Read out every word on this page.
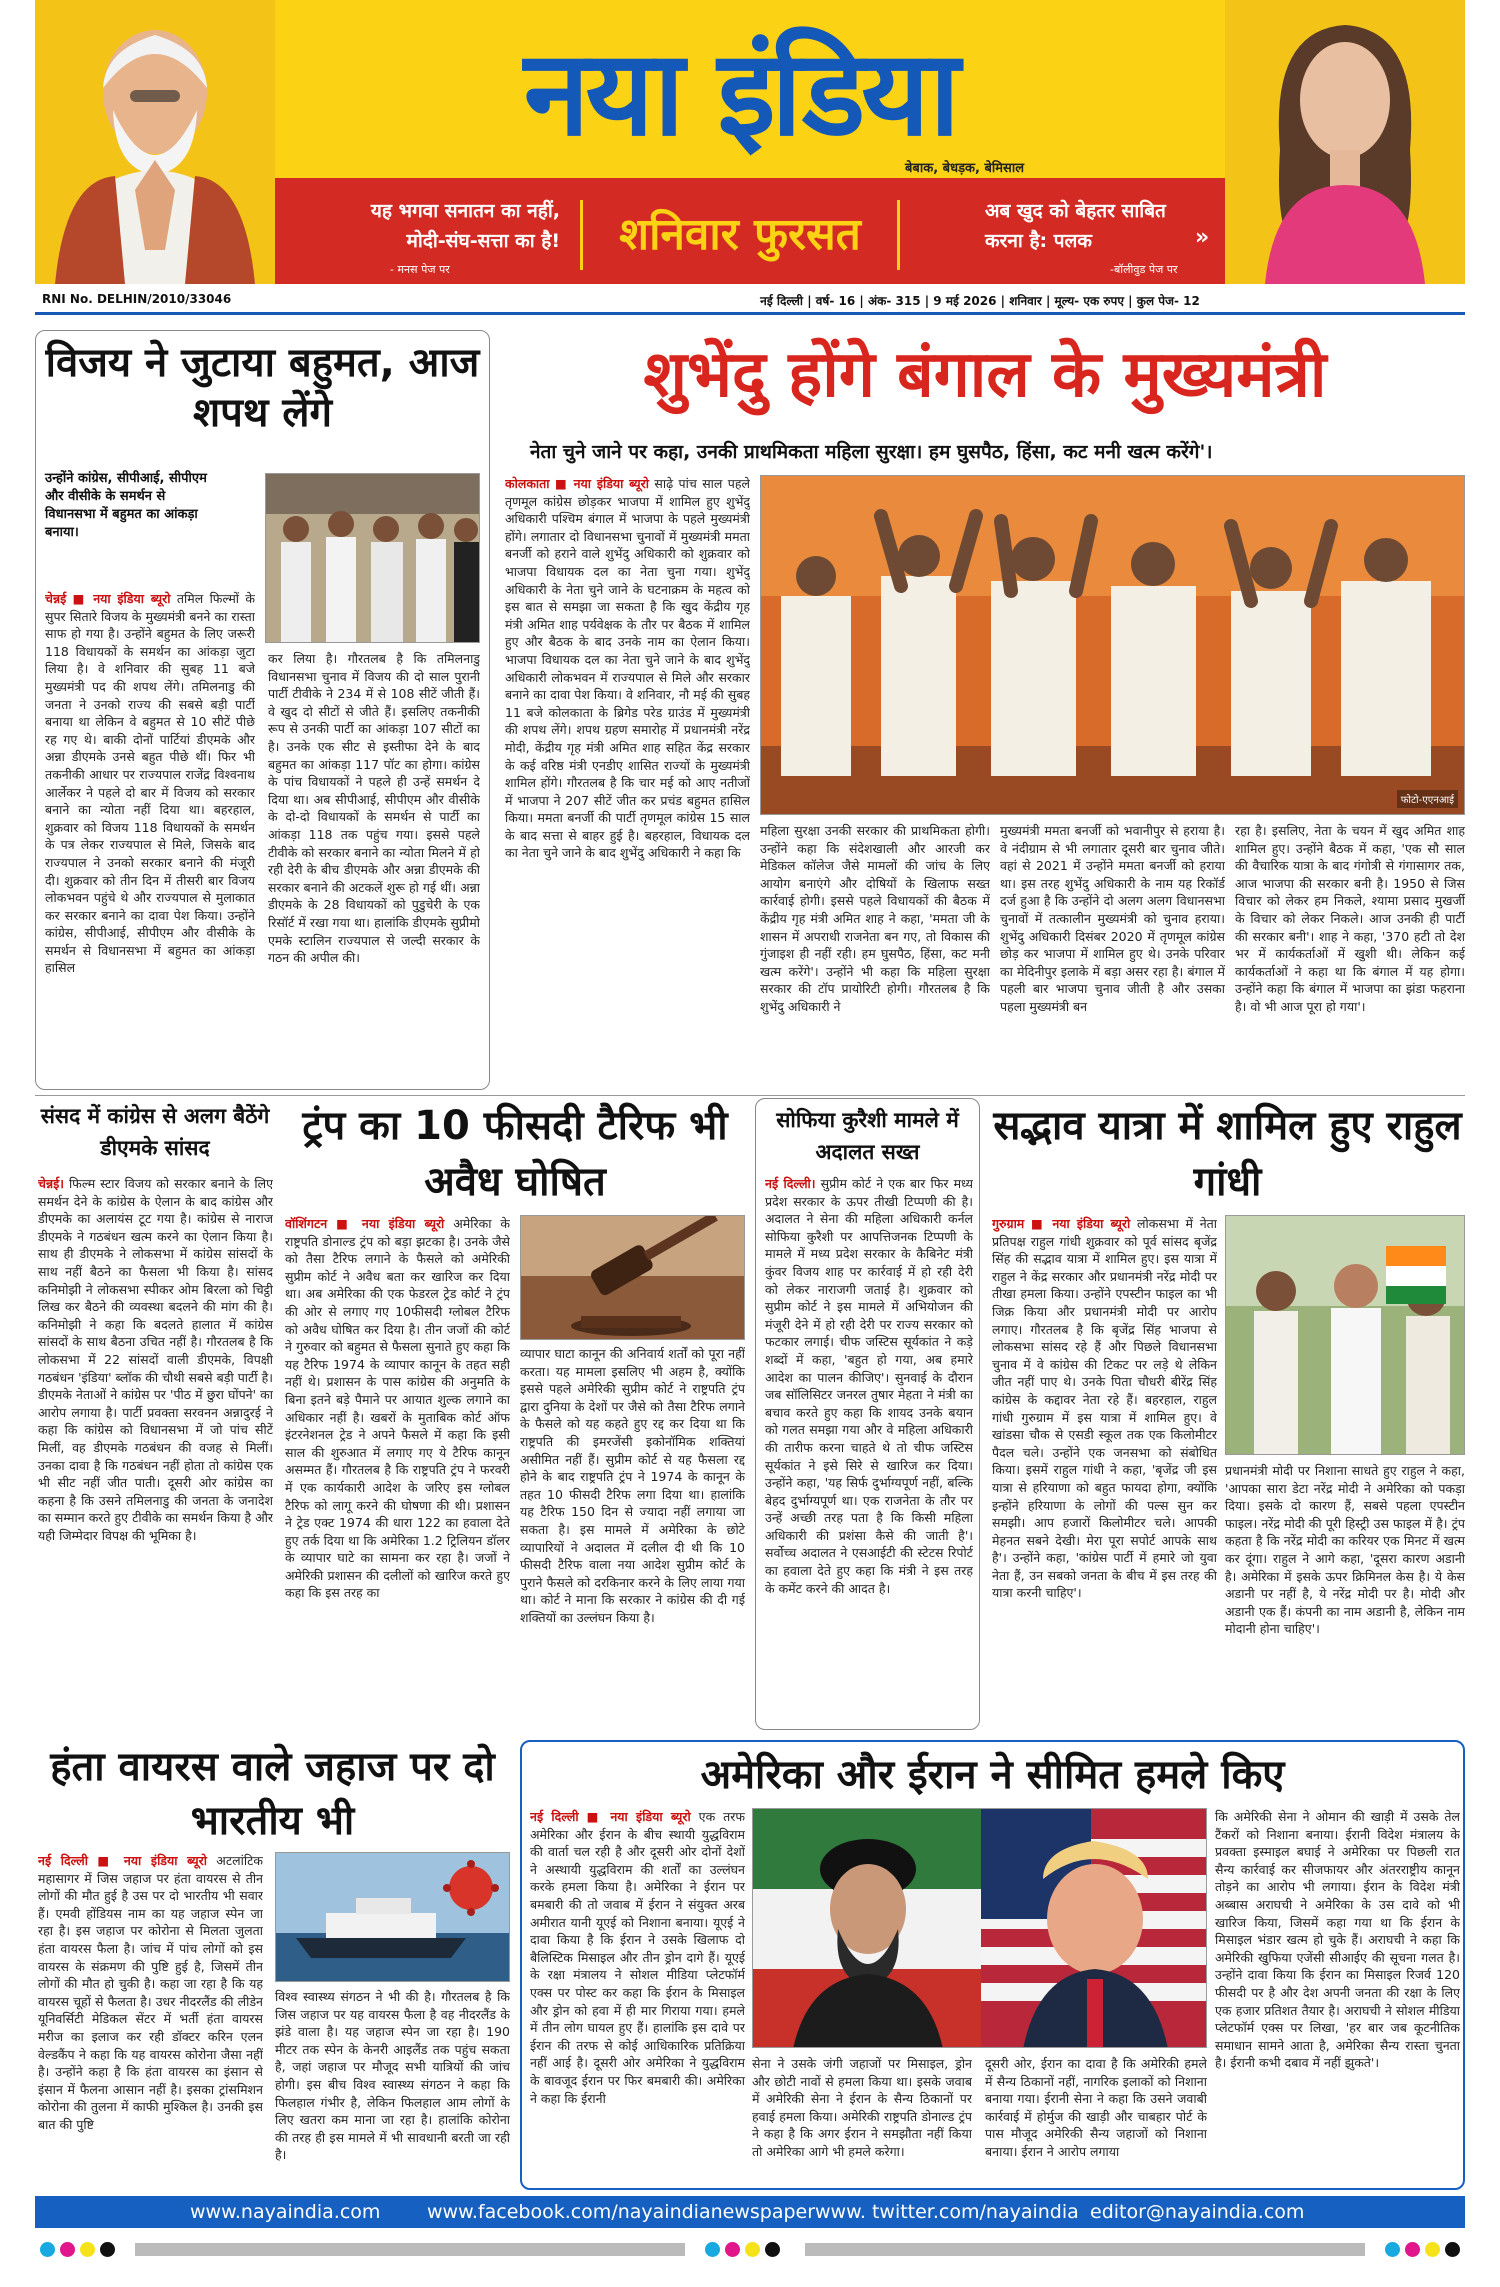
नया इंडिया
बेबाक, बेधड़क, बेमिसाल
यह भगवा सनातन का नहीं, मोदी-संघ-सत्ता का है!
- मनस पेज पर
शनिवार फुरसत	अब खुद को बेहतर साबित करना है: पलक	»
-बॉलीवुड पेज पर
RNI No. DELHIN/2010/33046	नई दिल्ली | वर्ष- 16 | अंक- 315 | 9 मई 2026 | शनिवार | मूल्य- एक रुपए | कुल पेज- 12
विजय ने जुटाया बहुमत, आज शपथ लेंगे
उन्होंने कांग्रेस, सीपीआई, सीपीएम और वीसीके के समर्थन से विधानसभा में बहुमत का आंकड़ा बनाया।
चेन्नई ■ नया इंडिया ब्यूरो तमिल फिल्मों के सुपर सितारे विजय के मुख्यमंत्री बनने का रास्ता साफ हो गया है। उन्होंने बहुमत के लिए जरूरी 118 विधायकों के समर्थन का आंकड़ा जुटा लिया है। वे शनिवार की सुबह 11 बजे मुख्यमंत्री पद की शपथ लेंगे। तमिलनाडु की जनता ने उनको राज्य की सबसे बड़ी पार्टी बनाया था लेकिन वे बहुमत से 10 सीटें पीछे रह गए थे। बाकी दोनों पार्टियां डीएमके और अन्ना डीएमके उनसे बहुत पीछे थीं। फिर भी तकनीकी आधार पर राज्यपाल राजेंद्र विश्वनाथ आर्लेकर ने पहले दो बार में विजय को सरकार बनाने का न्योता नहीं दिया था। बहरहाल, शुक्रवार को विजय 118 विधायकों के समर्थन के पत्र लेकर राज्यपाल से मिले, जिसके बाद राज्यपाल ने उनको सरकार बनाने की मंजूरी दी। शुक्रवार को तीन दिन में तीसरी बार विजय लोकभवन पहुंचे थे और राज्यपाल से मुलाकात कर सरकार बनाने का दावा पेश किया। उन्होंने कांग्रेस, सीपीआई, सीपीएम और वीसीके के समर्थन से विधानसभा में बहुमत का आंकड़ा हासिल
कर लिया है। गौरतलब है कि तमिलनाडु विधानसभा चुनाव में विजय की दो साल पुरानी पार्टी टीवीके ने 234 में से 108 सीटें जीती हैं। वे खुद दो सीटों से जीते हैं। इसलिए तकनीकी रूप से उनकी पार्टी का आंकड़ा 107 सीटों का है। उनके एक सीट से इस्तीफा देने के बाद बहुमत का आंकड़ा 117 पॉट का होगा। कांग्रेस के पांच विधायकों ने पहले ही उन्हें समर्थन दे दिया था। अब सीपीआई, सीपीएम और वीसीके के दो-दो विधायकों के समर्थन से पार्टी का आंकड़ा 118 तक पहुंच गया। इससे पहले टीवीके को सरकार बनाने का न्योता मिलने में हो रही देरी के बीच डीएमके और अन्ना डीएमके की सरकार बनाने की अटकलें शुरू हो गई थीं। अन्ना डीएमके के 28 विधायकों को पुडुचेरी के एक रिसॉर्ट में रखा गया था। हालांकि डीएमके सुप्रीमो एमके स्टालिन राज्यपाल से जल्दी सरकार के गठन की अपील की।
शुभेंदु होंगे बंगाल के मुख्यमंत्री
नेता चुने जाने पर कहा, उनकी प्राथमिकता महिला सुरक्षा। हम घुसपैठ, हिंसा, कट मनी खत्म करेंगे'।
कोलकाता ■ नया इंडिया ब्यूरो साढ़े पांच साल पहले तृणमूल कांग्रेस छोड़कर भाजपा में शामिल हुए शुभेंदु अधिकारी पश्चिम बंगाल में भाजपा के पहले मुख्यमंत्री होंगे। लगातार दो विधानसभा चुनावों में मुख्यमंत्री ममता बनर्जी को हराने वाले शुभेंदु अधिकारी को शुक्रवार को भाजपा विधायक दल का नेता चुना गया। शुभेंदु अधिकारी के नेता चुने जाने के घटनाक्रम के महत्व को इस बात से समझा जा सकता है कि खुद केंद्रीय गृह मंत्री अमित शाह पर्यवेक्षक के तौर पर बैठक में शामिल हुए और बैठक के बाद उनके नाम का ऐलान किया। भाजपा विधायक दल का नेता चुने जाने के बाद शुभेंदु अधिकारी लोकभवन में राज्यपाल से मिले और सरकार बनाने का दावा पेश किया। वे शनिवार, नौ मई की सुबह 11 बजे कोलकाता के ब्रिगेड परेड ग्राउंड में मुख्यमंत्री की शपथ लेंगे। शपथ ग्रहण समारोह में प्रधानमंत्री नरेंद्र मोदी, केंद्रीय गृह मंत्री अमित शाह सहित केंद्र सरकार के कई वरिष्ठ मंत्री एनडीए शासित राज्यों के मुख्यमंत्री शामिल होंगे। गौरतलब है कि चार मई को आए नतीजों में भाजपा ने 207 सीटें जीत कर प्रचंड बहुमत हासिल किया। ममता बनर्जी की पार्टी तृणमूल कांग्रेस 15 साल के बाद सत्ता से बाहर हुई है। बहरहाल, विधायक दल का नेता चुने जाने के बाद शुभेंदु अधिकारी ने कहा कि
फोटो-एएनआई
महिला सुरक्षा उनकी सरकार की प्राथमिकता होगी। उन्होंने कहा कि संदेशखाली और आरजी कर मेडिकल कॉलेज जैसे मामलों की जांच के लिए आयोग बनाएंगे और दोषियों के खिलाफ सख्त कार्रवाई होगी। इससे पहले विधायकों की बैठक में केंद्रीय गृह मंत्री अमित शाह ने कहा, 'ममता जी के शासन में अपराधी राजनेता बन गए, तो विकास की गुंजाइश ही नहीं रही। हम घुसपैठ, हिंसा, कट मनी खत्म करेंगे'। उन्होंने भी कहा कि महिला सुरक्षा सरकार की टॉप प्रायोरिटी होगी। गौरतलब है कि शुभेंदु अधिकारी ने
मुख्यमंत्री ममता बनर्जी को भवानीपुर से हराया है। वे नंदीग्राम से भी लगातार दूसरी बार चुनाव जीते। वहां से 2021 में उन्होंने ममता बनर्जी को हराया था। इस तरह शुभेंदु अधिकारी के नाम यह रिकॉर्ड दर्ज हुआ है कि उन्होंने दो अलग अलग विधानसभा चुनावों में तत्कालीन मुख्यमंत्री को चुनाव हराया। शुभेंदु अधिकारी दिसंबर 2020 में तृणमूल कांग्रेस छोड़ कर भाजपा में शामिल हुए थे। उनके परिवार का मेदिनीपुर इलाके में बड़ा असर रहा है। बंगाल में पहली बार भाजपा चुनाव जीती है और उसका पहला मुख्यमंत्री बन
रहा है। इसलिए, नेता के चयन में खुद अमित शाह शामिल हुए। उन्होंने बैठक में कहा, 'एक सौ साल की वैचारिक यात्रा के बाद गंगोत्री से गंगासागर तक, आज भाजपा की सरकार बनी है। 1950 से जिस विचार को लेकर हम निकले, श्यामा प्रसाद मुखर्जी के विचार को लेकर निकले। आज उनकी ही पार्टी की सरकार बनी'। शाह ने कहा, '370 हटी तो देश भर में कार्यकर्ताओं में खुशी थी। लेकिन कई कार्यकर्ताओं ने कहा था कि बंगाल में यह होगा। उन्होंने कहा कि बंगाल में भाजपा का झंडा फहराना है। वो भी आज पूरा हो गया'।
संसद में कांग्रेस से अलग बैठेंगे डीएमके सांसद
चेन्नई। फिल्म स्टार विजय को सरकार बनाने के लिए समर्थन देने के कांग्रेस के ऐलान के बाद कांग्रेस और डीएमके का अलायंस टूट गया है। कांग्रेस से नाराज डीएमके ने गठबंधन खत्म करने का ऐलान किया है। साथ ही डीएमके ने लोकसभा में कांग्रेस सांसदों के साथ नहीं बैठने का फैसला भी किया है। सांसद कनिमोझी ने लोकसभा स्पीकर ओम बिरला को चिट्ठी लिख कर बैठने की व्यवस्था बदलने की मांग की है। कनिमोझी ने कहा कि बदलते हालात में कांग्रेस सांसदों के साथ बैठना उचित नहीं है। गौरतलब है कि लोकसभा में 22 सांसदों वाली डीएमके, विपक्षी गठबंधन 'इंडिया' ब्लॉक की चौथी सबसे बड़ी पार्टी है। डीएमके नेताओं ने कांग्रेस पर 'पीठ में छुरा घोंपने' का आरोप लगाया है। पार्टी प्रवक्ता सरवनन अन्नादुरई ने कहा कि कांग्रेस को विधानसभा में जो पांच सीटें मिलीं, वह डीएमके गठबंधन की वजह से मिलीं। उनका दावा है कि गठबंधन नहीं होता तो कांग्रेस एक भी सीट नहीं जीत पाती। दूसरी ओर कांग्रेस का कहना है कि उसने तमिलनाडु की जनता के जनादेश का सम्मान करते हुए टीवीके का समर्थन किया है और यही जिम्मेदार विपक्ष की भूमिका है।
ट्रंप का 10 फीसदी टैरिफ भी अवैध घोषित
वॉशिंगटन ■ नया इंडिया ब्यूरो अमेरिका के राष्ट्रपति डोनाल्ड ट्रंप को बड़ा झटका है। उनके जैसे को तैसा टैरिफ लगाने के फैसले को अमेरिकी सुप्रीम कोर्ट ने अवैध बता कर खारिज कर दिया था। अब अमेरिका की एक फेडरल ट्रेड कोर्ट ने ट्रंप की ओर से लगाए गए 10फीसदी ग्लोबल टैरिफ को अवैध घोषित कर दिया है। तीन जजों की कोर्ट ने गुरुवार को बहुमत से फैसला सुनाते हुए कहा कि यह टैरिफ 1974 के व्यापार कानून के तहत सही नहीं थे। प्रशासन के पास कांग्रेस की अनुमति के बिना इतने बड़े पैमाने पर आयात शुल्क लगाने का अधिकार नहीं है। खबरों के मुताबिक कोर्ट ऑफ इंटरनेशनल ट्रेड ने अपने फैसले में कहा कि इसी साल की शुरुआत में लगाए गए ये टैरिफ कानून असम्मत हैं। गौरतलब है कि राष्ट्रपति ट्रंप ने फरवरी में एक कार्यकारी आदेश के जरिए इस ग्लोबल टैरिफ को लागू करने की घोषणा की थी। प्रशासन ने ट्रेड एक्ट 1974 की धारा 122 का हवाला देते हुए तर्क दिया था कि अमेरिका 1.2 ट्रिलियन डॉलर के व्यापार घाटे का सामना कर रहा है। जजों ने अमेरिकी प्रशासन की दलीलों को खारिज करते हुए कहा कि इस तरह का
व्यापार घाटा कानून की अनिवार्य शर्तों को पूरा नहीं करता। यह मामला इसलिए भी अहम है, क्योंकि इससे पहले अमेरिकी सुप्रीम कोर्ट ने राष्ट्रपति ट्रंप द्वारा दुनिया के देशों पर जैसे को तैसा टैरिफ लगाने के फैसले को यह कहते हुए रद्द कर दिया था कि राष्ट्रपति की इमरजेंसी इकोनॉमिक शक्तियां असीमित नहीं हैं। सुप्रीम कोर्ट से यह फैसला रद्द होने के बाद राष्ट्रपति ट्रंप ने 1974 के कानून के तहत 10 फीसदी टैरिफ लगा दिया था। हालांकि यह टैरिफ 150 दिन से ज्यादा नहीं लगाया जा सकता है। इस मामले में अमेरिका के छोटे व्यापारियों ने अदालत में दलील दी थी कि 10 फीसदी टैरिफ वाला नया आदेश सुप्रीम कोर्ट के पुराने फैसले को दरकिनार करने के लिए लाया गया था। कोर्ट ने माना कि सरकार ने कांग्रेस की दी गई शक्तियों का उल्लंघन किया है।
सोफिया कुरैशी मामले में अदालत सख्त
नई दिल्ली। सुप्रीम कोर्ट ने एक बार फिर मध्य प्रदेश सरकार के ऊपर तीखी टिप्पणी की है। अदालत ने सेना की महिला अधिकारी कर्नल सोफिया कुरैशी पर आपत्तिजनक टिप्पणी के मामले में मध्य प्रदेश सरकार के कैबिनेट मंत्री कुंवर विजय शाह पर कार्रवाई में हो रही देरी को लेकर नाराजगी जताई है। शुक्रवार को सुप्रीम कोर्ट ने इस मामले में अभियोजन की मंजूरी देने में हो रही देरी पर राज्य सरकार को फटकार लगाई। चीफ जस्टिस सूर्यकांत ने कड़े शब्दों में कहा, 'बहुत हो गया, अब हमारे आदेश का पालन कीजिए'। सुनवाई के दौरान जब सॉलिसिटर जनरल तुषार मेहता ने मंत्री का बचाव करते हुए कहा कि शायद उनके बयान को गलत समझा गया और वे महिला अधिकारी की तारीफ करना चाहते थे तो चीफ जस्टिस सूर्यकांत ने इसे सिरे से खारिज कर दिया। उन्होंने कहा, 'यह सिर्फ दुर्भाग्यपूर्ण नहीं, बल्कि बेहद दुर्भाग्यपूर्ण था। एक राजनेता के तौर पर उन्हें अच्छी तरह पता है कि किसी महिला अधिकारी की प्रशंसा कैसे की जाती है'। सर्वोच्च अदालत ने एसआईटी की स्टेटस रिपोर्ट का हवाला देते हुए कहा कि मंत्री ने इस तरह के कमेंट करने की आदत है।
सद्भाव यात्रा में शामिल हुए राहुल गांधी
गुरुग्राम ■ नया इंडिया ब्यूरो लोकसभा में नेता प्रतिपक्ष राहुल गांधी शुक्रवार को पूर्व सांसद बृजेंद्र सिंह की सद्भाव यात्रा में शामिल हुए। इस यात्रा में राहुल ने केंद्र सरकार और प्रधानमंत्री नरेंद्र मोदी पर तीखा हमला किया। उन्होंने एपस्टीन फाइल का भी जिक्र किया और प्रधानमंत्री मोदी पर आरोप लगाए। गौरतलब है कि बृजेंद्र सिंह भाजपा से लोकसभा सांसद रहे हैं और पिछले विधानसभा चुनाव में वे कांग्रेस की टिकट पर लड़े थे लेकिन जीत नहीं पाए थे। उनके पिता चौधरी बीरेंद्र सिंह कांग्रेस के कद्दावर नेता रहे हैं। बहरहाल, राहुल गांधी गुरुग्राम में इस यात्रा में शामिल हुए। वे खांडसा चौक से एसडी स्कूल तक एक किलोमीटर पैदल चले। उन्होंने एक जनसभा को संबोधित किया। इसमें राहुल गांधी ने कहा, 'बृजेंद्र जी इस यात्रा से हरियाणा को बहुत फायदा होगा, क्योंकि इन्होंने हरियाणा के लोगों की पल्स सुन कर समझी। आप हजारों किलोमीटर चले। आपकी मेहनत सबने देखी। मेरा पूरा सपोर्ट आपके साथ है'। उन्होंने कहा, 'कांग्रेस पार्टी में हमारे जो युवा नेता हैं, उन सबको जनता के बीच में इस तरह की यात्रा करनी चाहिए'।
प्रधानमंत्री मोदी पर निशाना साधते हुए राहुल ने कहा, 'आपका सारा डेटा नरेंद्र मोदी ने अमेरिका को पकड़ा दिया। इसके दो कारण हैं, सबसे पहला एपस्टीन फाइल। नरेंद्र मोदी की पूरी हिस्ट्री उस फाइल में है। ट्रंप कहता है कि नरेंद्र मोदी का करियर एक मिनट में खत्म कर दूंगा। राहुल ने आगे कहा, 'दूसरा कारण अडानी है। अमेरिका में इसके ऊपर क्रिमिनल केस है। ये केस अडानी पर नहीं है, ये नरेंद्र मोदी पर है। मोदी और अडानी एक हैं। कंपनी का नाम अडानी है, लेकिन नाम मोदानी होना चाहिए'।
हंता वायरस वाले जहाज पर दो भारतीय भी
नई दिल्ली ■ नया इंडिया ब्यूरो अटलांटिक महासागर में जिस जहाज पर हंता वायरस से तीन लोगों की मौत हुई है उस पर दो भारतीय भी सवार हैं। एमवी होंडियस नाम का यह जहाज स्पेन जा रहा है। इस जहाज पर कोरोना से मिलता जुलता हंता वायरस फैला है। जांच में पांच लोगों को इस वायरस के संक्रमण की पुष्टि हुई है, जिसमें तीन लोगों की मौत हो चुकी है। कहा जा रहा है कि यह वायरस चूहों से फैलता है। उधर नीदरलैंड की लीडेन यूनिवर्सिटी मेडिकल सेंटर में भर्ती हंता वायरस मरीज का इलाज कर रही डॉक्टर करिन एलन वेल्डकैंप ने कहा कि यह वायरस कोरोना जैसा नहीं है। उन्होंने कहा है कि हंता वायरस का इंसान से इंसान में फैलना आसान नहीं है। इसका ट्रांसमिशन कोरोना की तुलना में काफी मुश्किल है। उनकी इस बात की पुष्टि
विश्व स्वास्थ्य संगठन ने भी की है। गौरतलब है कि जिस जहाज पर यह वायरस फैला है वह नीदरलैंड के झंडे वाला है। यह जहाज स्पेन जा रहा है। 190 मीटर तक स्पेन के केनरी आइलैंड तक पहुंच सकता है, जहां जहाज पर मौजूद सभी यात्रियों की जांच होगी। इस बीच विश्व स्वास्थ्य संगठन ने कहा कि फिलहाल गंभीर है, लेकिन फिलहाल आम लोगों के लिए खतरा कम माना जा रहा है। हालांकि कोरोना की तरह ही इस मामले में भी सावधानी बरती जा रही है।
अमेरिका और ईरान ने सीमित हमले किए
नई दिल्ली ■ नया इंडिया ब्यूरो एक तरफ अमेरिका और ईरान के बीच स्थायी युद्धविराम की वार्ता चल रही है और दूसरी ओर दोनों देशों ने अस्थायी युद्धविराम की शर्तों का उल्लंघन करके हमला किया है। अमेरिका ने ईरान पर बमबारी की तो जवाब में ईरान ने संयुक्त अरब अमीरात यानी यूएई को निशाना बनाया। यूएई ने दावा किया है कि ईरान ने उसके खिलाफ दो बैलिस्टिक मिसाइल और तीन ड्रोन दागे हैं। यूएई के रक्षा मंत्रालय ने सोशल मीडिया प्लेटफॉर्म एक्स पर पोस्ट कर कहा कि ईरान के मिसाइल और ड्रोन को हवा में ही मार गिराया गया। हमले में तीन लोग घायल हुए हैं। हालांकि इस दावे पर ईरान की तरफ से कोई आधिकारिक प्रतिक्रिया नहीं आई है। दूसरी ओर अमेरिका ने युद्धविराम के बावजूद ईरान पर फिर बमबारी की। अमेरिका ने कहा कि ईरानी
सेना ने उसके जंगी जहाजों पर मिसाइल, ड्रोन और छोटी नावों से हमला किया था। इसके जवाब में अमेरिकी सेना ने ईरान के सैन्य ठिकानों पर हवाई हमला किया। अमेरिकी राष्ट्रपति डोनाल्ड ट्रंप ने कहा है कि अगर ईरान ने समझौता नहीं किया तो अमेरिका आगे भी हमले करेगा।
दूसरी ओर, ईरान का दावा है कि अमेरिकी हमले में सैन्य ठिकानों नहीं, नागरिक इलाकों को निशाना बनाया गया। ईरानी सेना ने कहा कि उसने जवाबी कार्रवाई में होर्मुज की खाड़ी और चाबहार पोर्ट के पास मौजूद अमेरिकी सैन्य जहाजों को निशाना बनाया। ईरान ने आरोप लगाया
कि अमेरिकी सेना ने ओमान की खाड़ी में उसके तेल टैंकरों को निशाना बनाया। ईरानी विदेश मंत्रालय के प्रवक्ता इस्माइल बघाई ने अमेरिका पर पिछली रात सैन्य कार्रवाई कर सीजफायर और अंतरराष्ट्रीय कानून तोड़ने का आरोप भी लगाया। ईरान के विदेश मंत्री अब्बास अराघची ने अमेरिका के उस दावे को भी खारिज किया, जिसमें कहा गया था कि ईरान के मिसाइल भंडार खत्म हो चुके हैं। अराघची ने कहा कि अमेरिकी खुफिया एजेंसी सीआईए की सूचना गलत है। उन्होंने दावा किया कि ईरान का मिसाइल रिजर्व 120 फीसदी पर है और देश अपनी जनता की रक्षा के लिए एक हजार प्रतिशत तैयार है। अराघची ने सोशल मीडिया प्लेटफॉर्म एक्स पर लिखा, 'हर बार जब कूटनीतिक समाधान सामने आता है, अमेरिका सैन्य रास्ता चुनता है। ईरानी कभी दबाव में नहीं झुकते'।
www.nayaindia.com www.facebook.com/nayaindianewspaper www. twitter.com/nayaindia editor@nayaindia.com
